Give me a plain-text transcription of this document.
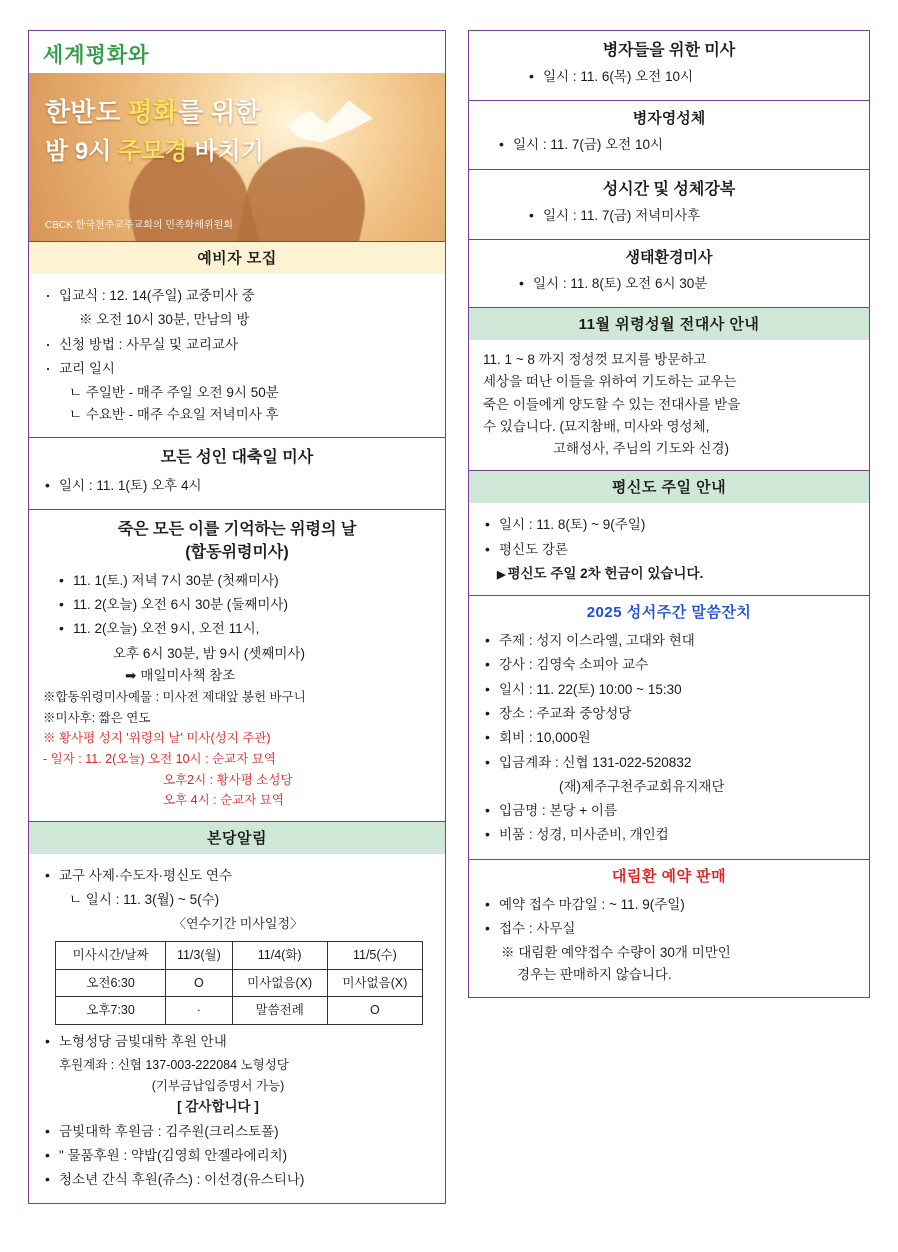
세계평화와
한반도 평화를 위한
밤 9시 주모경 바치기
CBCK 한국천주교주교회의 민족화해위원회
예비자 모집
· 입교식 : 12. 14(주일) 교중미사 중
※ 오전 10시 30분, 만남의 방
· 신청 방법 : 사무실 및 교리교사
· 교리 일시
ㄴ 주일반 - 매주 주일 오전 9시 50분
ㄴ 수요반 - 매주 수요일 저녁미사 후
모든 성인 대축일 미사
• 일시 : 11. 1(토) 오후 4시
죽은 모든 이를 기억하는 위령의 날
(합동위령미사)
• 11. 1(토.) 저녁 7시 30분 (첫째미사)
• 11. 2(오늘) 오전 6시 30분 (둘째미사)
• 11. 2(오늘) 오전 9시, 오전 11시,
오후 6시 30분, 밤 9시 (셋째미사)
➡ 매일미사책 참조
※합동위령미사예물 : 미사전 제대앞 봉헌 바구니
※미사후: 짧은 연도
※ 황사평 성지 '위령의 날' 미사(성지 주관)
- 일자 : 11. 2(오늘) 오전 10시 : 순교자 묘역
오후2시 : 황사평 소성당
오후 4시 : 순교자 묘역
본당알림
• 교구 사제·수도자·평신도 연수
ㄴ 일시 : 11. 3(월) ~ 5(수)
〈연수기간 미사일정〉
미사시간/날짜	11/3(월)	11/4(화)	11/5(수)
오전6:30	O	미사없음(X)	미사없음(X)
오후7:30	·	말씀전례	O
• 노형성당 금빛대학 후원 안내
후원계좌 : 신협 137-003-222084 노형성당
(기부금납입증명서 가능)
[ 감사합니다 ]
• 금빛대학 후원금 : 김주원(크리스토폴)
• " 물품후원 : 약밥(김영희 안젤라에리치)
• 청소년 간식 후원(쥬스) : 이선경(유스티나)
병자들을 위한 미사
• 일시 : 11. 6(목) 오전 10시
병자영성체
• 일시 : 11. 7(금) 오전 10시
성시간 및 성체강복
• 일시 : 11. 7(금) 저녁미사후
생태환경미사
• 일시 : 11. 8(토) 오전 6시 30분
11월 위령성월 전대사 안내
11. 1 ~ 8 까지 정성껏 묘지를 방문하고
세상을 떠난 이들을 위하여 기도하는 교우는
죽은 이들에게 양도할 수 있는 전대사를 받을
수 있습니다. (묘지참배, 미사와 영성체,
고해성사, 주님의 기도와 신경)
평신도 주일 안내
• 일시 : 11. 8(토) ~ 9(주일)
• 평신도 강론
▶ 평신도 주일 2차 헌금이 있습니다.
2025 성서주간 말씀잔치
• 주제 : 성지 이스라엘, 고대와 현대
• 강사 : 김영숙 소피아 교수
• 일시 : 11. 22(토) 10:00 ~ 15:30
• 장소 : 주교좌 중앙성당
• 회비 : 10,000원
• 입금계좌 : 신협 131-022-520832
(재)제주구천주교회유지재단
• 입금명 : 본당 + 이름
• 비품 : 성경, 미사준비, 개인컵
대림환 예약 판매
• 예약 접수 마감일 : ~ 11. 9(주일)
• 접수 : 사무실
※ 대림환 예약접수 수량이 30개 미만인
경우는 판매하지 않습니다.
